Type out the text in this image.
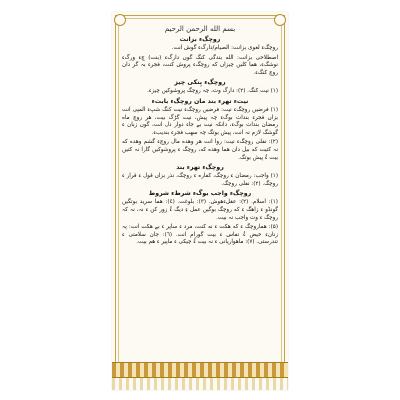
بسم الله الرحمن الرحيم
روچگء بزانت
روچگء لغوی بزانت: الصیام/دارگء گوش انت.
اصطلاحی بزانت: الله بندگی کنگ گوں دارگء (بنت) چء ورگء نوشگء، هما کلیں چیزاں که روچگء پروش کنت، فجرء بہ گر دان روچ کنگء.
روچگء بِنکی چیز
(۱) نیت کنگ. (۲): دارگ وت، چہ روچگ پروشوکیں چیزء.
نیتء تهرء بند مان روچگء بابتء
(۱) فرضیں روچگء نیت: فرضیں روچگء نیت کنگ شپء المپی انت بزاں فجرء بندات بوگء چہ پیش، نیت گڑگ بیت، هر روچ ماه رمضان بندات بوگء، دانکہ نیت بے جاء دوار دل انت، گوں زبان ء گوشگ لازم نہ انت، پیش بوتگ چہ سهب فجرء بندیبء.
(۲): نفلی روچگء نیت: روا انت هر وهده مال روچء گشم وهده که نہ کتیت که بیل دان هما وهده که، روچگ ء پروشوکیں گارا نہ کتیں بیت ءُ پیش بوتگ.
روچگء تهرء بند
(۱) واجب: رمضان ء روچگ، کفاره ء روچگ، نذر بزاں قول ء قرار ء روچگ. (۲): نفلی روچگ.
روچگء واجب بوگء شرطء شروط
(۱): اسلام. (۲): عقلءهوش. (۳): بلوغت. (٤): هما سرید بوتگیں گونڈو ء زاهگ ء که روچگ بوگیں عمل ءِ دیگ ءُ زور کن ء نہ، نہ کہ روچگ ء وت واجب نہ بیت.
(۵): هماروچگ ء که هکت ء نه کنت، مرد ء ساپر ء بے هکت انت: پہ زنانء حیض ءُ نفاس ء بیت گورام انت. (٦): جان سلامتی ء تندرستی. (۷): ماهواریانی ء نہ بیت ءُ چیکی ء ماپیر ء هم بیت.
